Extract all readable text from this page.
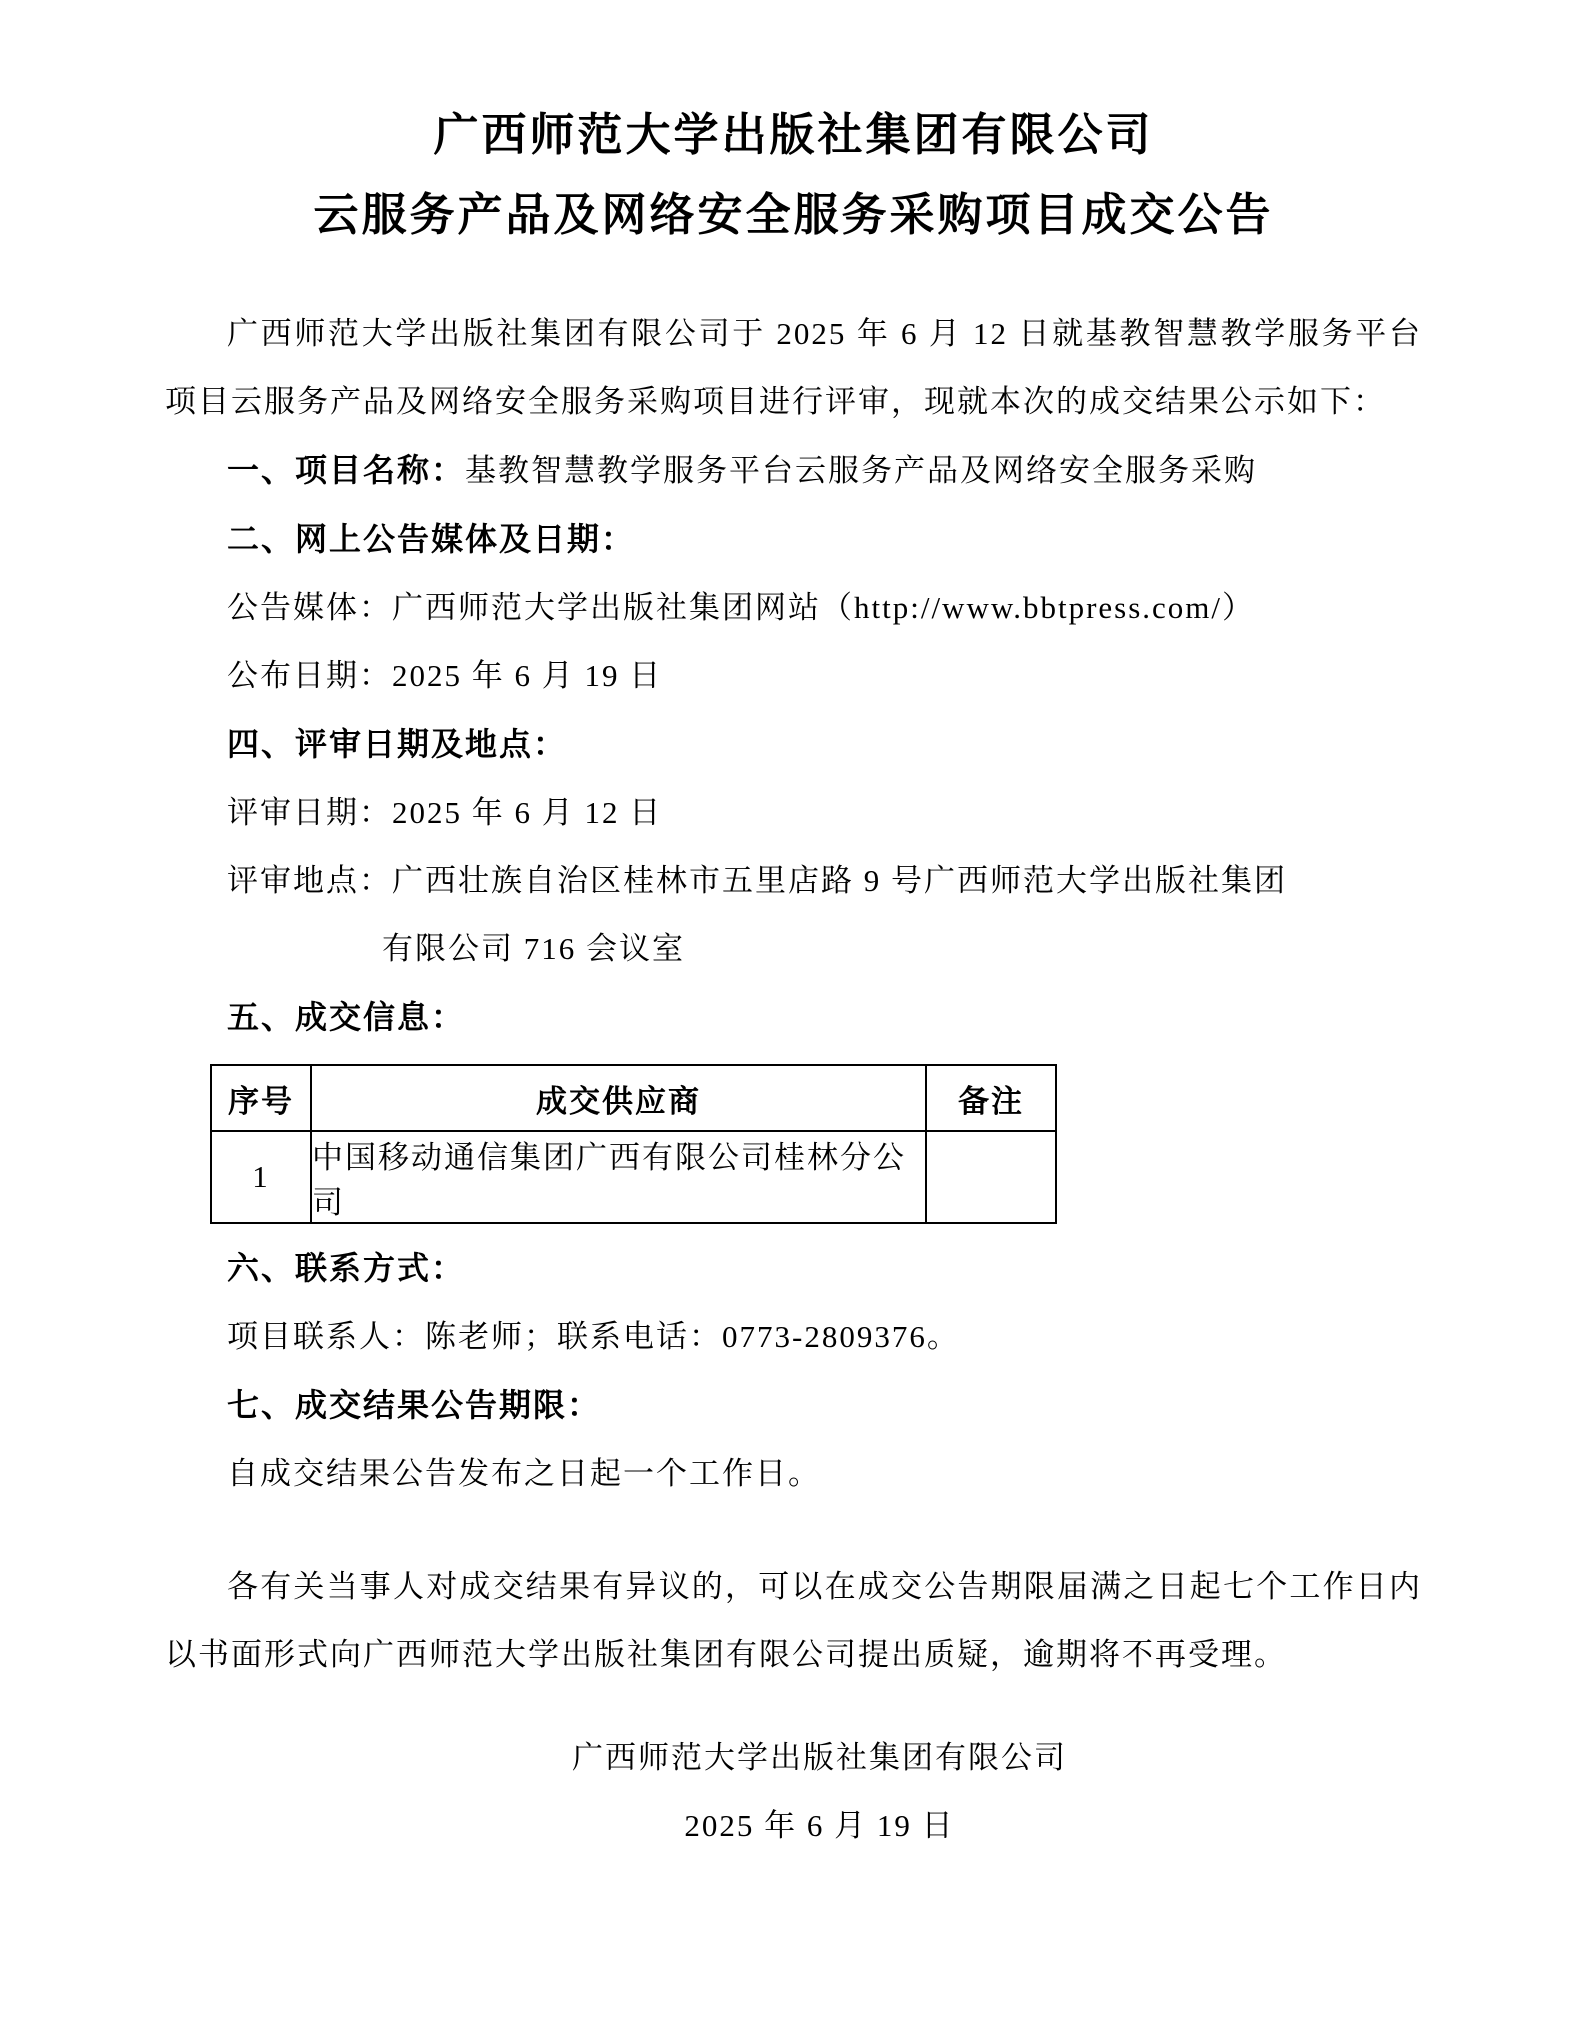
广西师范大学出版社集团有限公司
云服务产品及网络安全服务采购项目成交公告

广西师范大学出版社集团有限公司于 2025 年 6 月 12 日就基教智慧教学服务平台项目云服务产品及网络安全服务采购项目进行评审，现就本次的成交结果公示如下：

一、项目名称：基教智慧教学服务平台云服务产品及网络安全服务采购

二、网上公告媒体及日期：

公告媒体：广西师范大学出版社集团网站（http://www.bbtpress.com/）

公布日期：2025 年 6 月 19 日

四、评审日期及地点：

评审日期：2025 年 6 月 12 日

评审地点：广西壮族自治区桂林市五里店路 9 号广西师范大学出版社集团
有限公司 716 会议室

五、成交信息：

序号	成交供应商	备注
1	中国移动通信集团广西有限公司桂林分公司	

六、联系方式：

项目联系人：陈老师；联系电话：0773-2809376。

七、成交结果公告期限：

自成交结果公告发布之日起一个工作日。

各有关当事人对成交结果有异议的，可以在成交公告期限届满之日起七个工作日内以书面形式向广西师范大学出版社集团有限公司提出质疑，逾期将不再受理。

广西师范大学出版社集团有限公司
2025 年 6 月 19 日
